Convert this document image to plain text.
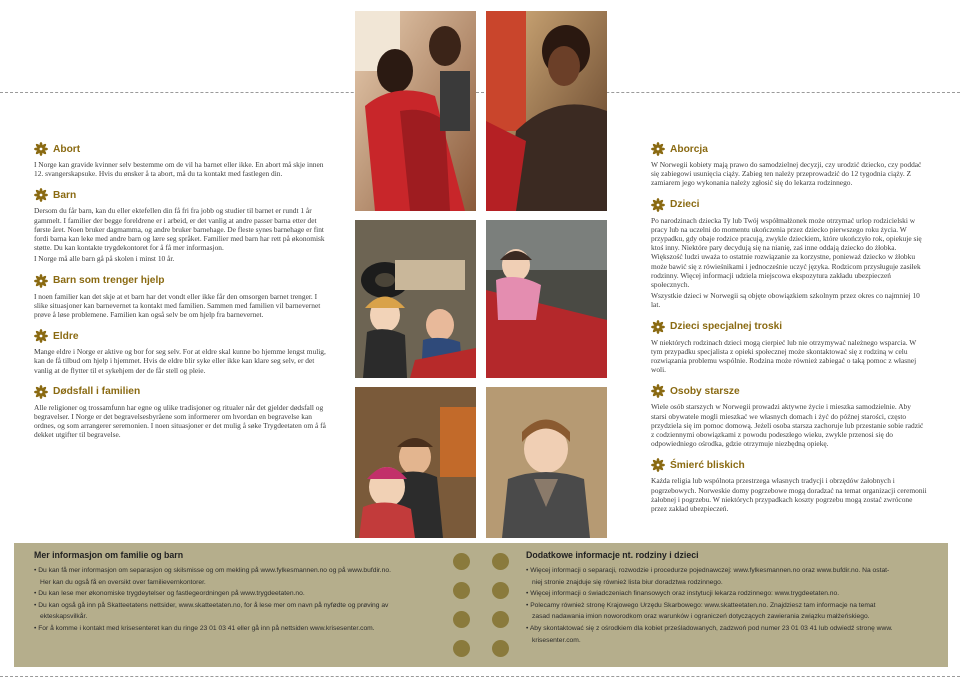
Abort

I Norge kan gravide kvinner selv bestemme om de vil ha barnet eller ikke. En abort må skje innen 12. svangerskapsuke. Hvis du ønsker å ta abort, må du ta kontakt med fastlegen din.

Barn

Dersom du får barn, kan du eller ektefellen din få fri fra jobb og studier til barnet er rundt 1 år gammelt. I familier der begge foreldrene er i arbeid, er det vanlig at andre passer barna etter det første året. Noen bruker dagmamma, og andre bruker barnehage. De fleste synes barnehage er fint fordi barna kan leke med andre barn og lære seg språket. Familier med barn har rett på økonomisk støtte. Du kan kontakte trygdekontoret for å få mer informasjon.

I Norge må alle barn gå på skolen i minst 10 år.

Barn som trenger hjelp

I noen familier kan det skje at et barn har det vondt eller ikke får den omsorgen barnet trenger. I slike situasjoner kan barnevernet ta kontakt med familien. Sammen med familien vil barnevernet prøve å løse problemene. Familien kan også selv be om hjelp fra barnevernet.

Eldre

Mange eldre i Norge er aktive og bor for seg selv. For at eldre skal kunne bo hjemme lengst mulig, kan de få tilbud om hjelp i hjemmet. Hvis de eldre blir syke eller ikke kan klare seg selv, er det vanlig at de flytter til et sykehjem der de får stell og pleie.

Dødsfall i familien

Alle religioner og trossamfunn har egne og ulike tradisjoner og ritualer når det gjelder dødsfall og begravelser. I Norge er det begravelsesbyråene som informerer om hvordan en begravelse kan ordnes, og som arrangerer seremonien. I noen situasjoner er det mulig å søke Trygdeetaten om å få dekket utgifter til begravelse.

Aborcja

W Norwegii kobiety mają prawo do samodzielnej decyzji, czy urodzić dziecko, czy poddać się zabiegowi usunięcia ciąży. Zabieg ten należy przeprowadzić do 12 tygodnia ciąży. Z zamiarem jego wykonania należy zgłosić się do lekarza rodzinnego.

Dzieci

Po narodzinach dziecka Ty lub Twój współmałżonek może otrzymać urlop rodzicielski w pracy lub na uczelni do momentu ukończenia przez dziecko pierwszego roku życia. W przypadku, gdy obaje rodzice pracują, zwykle dzieckiem, które ukończyło rok, opiekuje się ktoś inny. Niektóre pary decydują się na nianię, zaś inne oddają dziecko do żłobka. Większość ludzi uważa to ostatnie rozwiązanie za korzystne, ponieważ dziecko w żłobku może bawić się z rówieśnikami i jednocześnie uczyć języka. Rodzicom przysługuje zasiłek rodzinny. Więcej informacji udziela miejscowa ekspozytura zakładu ubezpieczeń społecznych.

Wszystkie dzieci w Norwegii są objęte obowiązkiem szkolnym przez okres co najmniej 10 lat.

Dzieci specjalnej troski

W niektórych rodzinach dzieci mogą cierpieć lub nie otrzymywać należnego wsparcia. W tym przypadku specjalista z opieki społecznej może skontaktować się z rodziną w celu rozwiązania problemu wspólnie. Rodzina może również zabiegać o taką pomoc z własnej woli.

Osoby starsze

Wiele osób starszych w Norwegii prowadzi aktywne życie i mieszka samodzielnie. Aby starsi obywatele mogli mieszkać we własnych domach i żyć do późnej starości, często przydziela się im pomoc domową. Jeżeli osoba starsza zachoruje lub przestanie sobie radzić z codziennymi obowiązkami z powodu podeszłego wieku, zwykle przenosi się do odpowiedniego ośrodka, gdzie otrzymuje niezbędną opiekę.

Śmierć bliskich

Każda religia lub wspólnota przestrzega własnych tradycji i obrzędów żałobnych i pogrzebowych. Norweskie domy pogrzebowe mogą doradzać na temat organizacji ceremonii żałobnej i pogrzebu. W niektórych przypadkach koszty pogrzebu mogą zostać zwrócone przez zakład ubezpieczeń.

Mer informasjon om familie og barn
• Du kan få mer informasjon om separasjon og skilsmisse og om mekling på www.fylkesmannen.no og på www.bufdir.no.
Her kan du også få en oversikt over familievernkontorer.
• Du kan lese mer økonomiske trygdeytelser og fastlegeordningen på www.trygdeetaten.no.
• Du kan også gå inn på Skatteetatens nettsider, www.skatteetaten.no, for å lese mer om navn på nyfødte og prøving av
ekteskapsvilkår.
• For å komme i kontakt med krisesenteret kan du ringe 23 01 03 41 eller gå inn på nettsiden www.krisesenter.com.
Dodatkowe informacje nt. rodziny i dzieci
• Więcej informacji o separacji, rozwodzie i procedurze pojednawczej: www.fylkesmannen.no oraz www.bufdir.no. Na ostat-
niej stronie znajduje się również lista biur doradztwa rodzinnego.
• Więcej informacji o świadczeniach finansowych oraz instytucji lekarza rodzinnego: www.trygdeetaten.no.
• Polecamy również stronę Krajowego Urzędu Skarbowego: www.skatteetaten.no. Znajdziesz tam informacje na temat
zasad nadawania imion noworodkom oraz warunków i ograniczeń dotyczących zawierania związku małżeńskiego.
• Aby skontaktować się z ośrodkiem dla kobiet prześladowanych, zadzwoń pod numer 23 01 03 41 lub odwiedź stronę www.
krisesenter.com.
